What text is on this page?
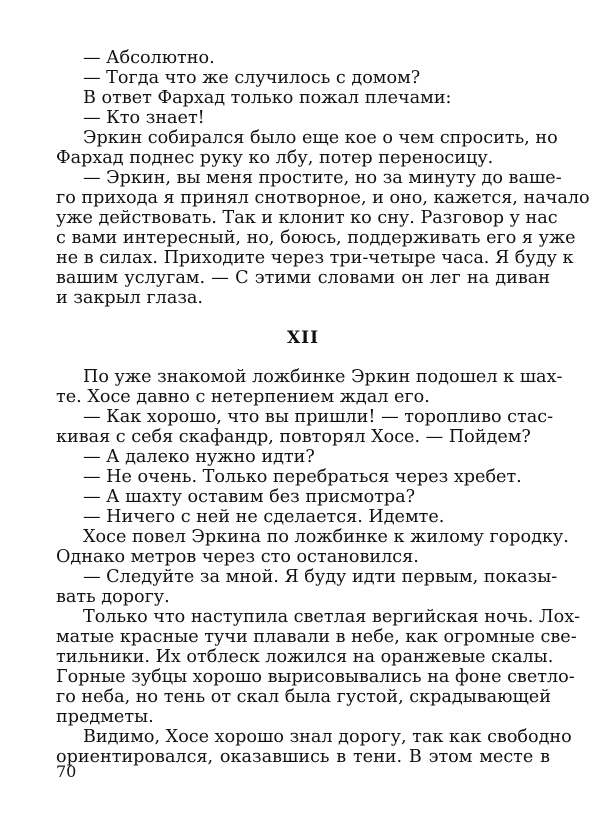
— Абсолютно.
— Тогда что же случилось с домом?
В ответ Фархад только пожал плечами:
— Кто знает!
Эркин собирался было еще кое о чем спросить, но
Фархад поднес руку ко лбу, потер переносицу.
— Эркин, вы меня простите, но за минуту до ваше-
го прихода я принял снотворное, и оно, кажется, начало
уже действовать. Так и клонит ко сну. Разговор у нас
с вами интересный, но, боюсь, поддерживать его я уже
не в силах. Приходите через три-четыре часа. Я буду к
вашим услугам. — С этими словами он лег на диван
и закрыл глаза.
XII
По уже знакомой ложбинке Эркин подошел к шах-
те. Хосе давно с нетерпением ждал его.
— Как хорошо, что вы пришли! — торопливо стас-
кивая с себя скафандр, повторял Хосе. — Пойдем?
— А далеко нужно идти?
— Не очень. Только перебраться через хребет.
— А шахту оставим без присмотра?
— Ничего с ней не сделается. Идемте.
Хосе повел Эркина по ложбинке к жилому городку.
Однако метров через сто остановился.
— Следуйте за мной. Я буду идти первым, показы-
вать дорогу.
Только что наступила светлая вергийская ночь. Лох-
матые красные тучи плавали в небе, как огромные све-
тильники. Их отблеск ложился на оранжевые скалы.
Горные зубцы хорошо вырисовывались на фоне светло-
го неба, но тень от скал была густой, скрадывающей
предметы.
Видимо, Хосе хорошо знал дорогу, так как свободно
ориентировался, оказавшись в тени. В этом месте в
70
